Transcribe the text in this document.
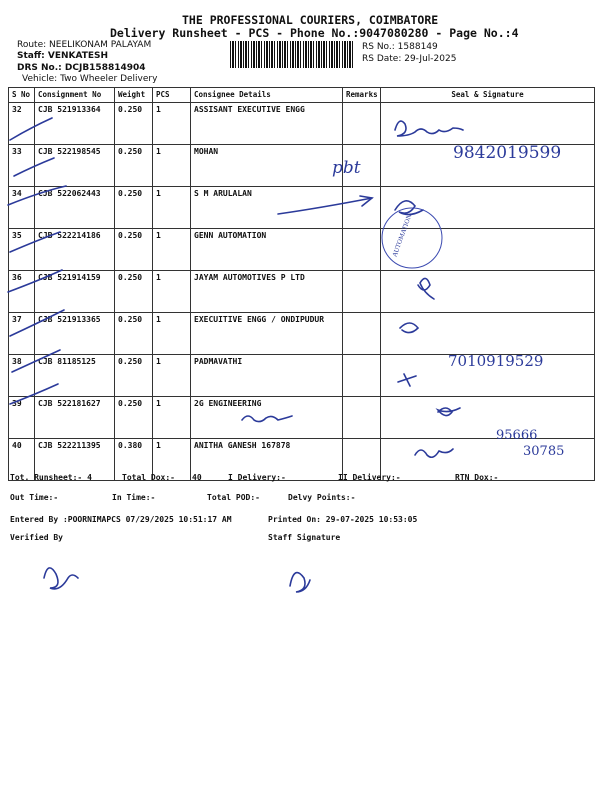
THE PROFESSIONAL COURIERS, COIMBATORE
Delivery Runsheet - PCS - Phone No.:9047080280 - Page No.:4
Route: NEELIKONAM PALAYAM
Staff: VENKATESH
DRS No.: DCJB158814904
Vehicle: Two Wheeler Delivery
RS No.: 1588149
RS Date: 29-Jul-2025
S No	Consignment No	Weight	PCS	Consignee Details	Remarks	Seal & Signature
32	CJB 521913364	0.250	1	ASSISANT EXECUTIVE ENGG		
33	CJB 522198545	0.250	1	MOHAN		
34	CJB 522062443	0.250	1	S M ARULALAN		
35	CJB 522214186	0.250	1	GENN AUTOMATION		
36	CJB 521914159	0.250	1	JAYAM AUTOMOTIVES P LTD		
37	CJB 521913365	0.250	1	EXECUITIVE ENGG / ONDIPUDUR		
38	CJB 81185125	0.250	1	PADMAVATHI		
39	CJB 522181627	0.250	1	2G ENGINEERING		
40	CJB 522211395	0.380	1	ANITHA GANESH 167878		
9842019599
pbt
7010919529
95666
30785
AUTOMATION
Tot. Runsheet:- 4	Total Dox:- 40	I Delivery:-	II Delivery:-	RTN Dox:-
Out Time:-	In Time:-	Total POD:-	Delvy Points:-
Entered By :POORNIMAPCS 07/29/2025 10:51:17 AM	Printed On: 29-07-2025 10:53:05
Verified By	Staff Signature
